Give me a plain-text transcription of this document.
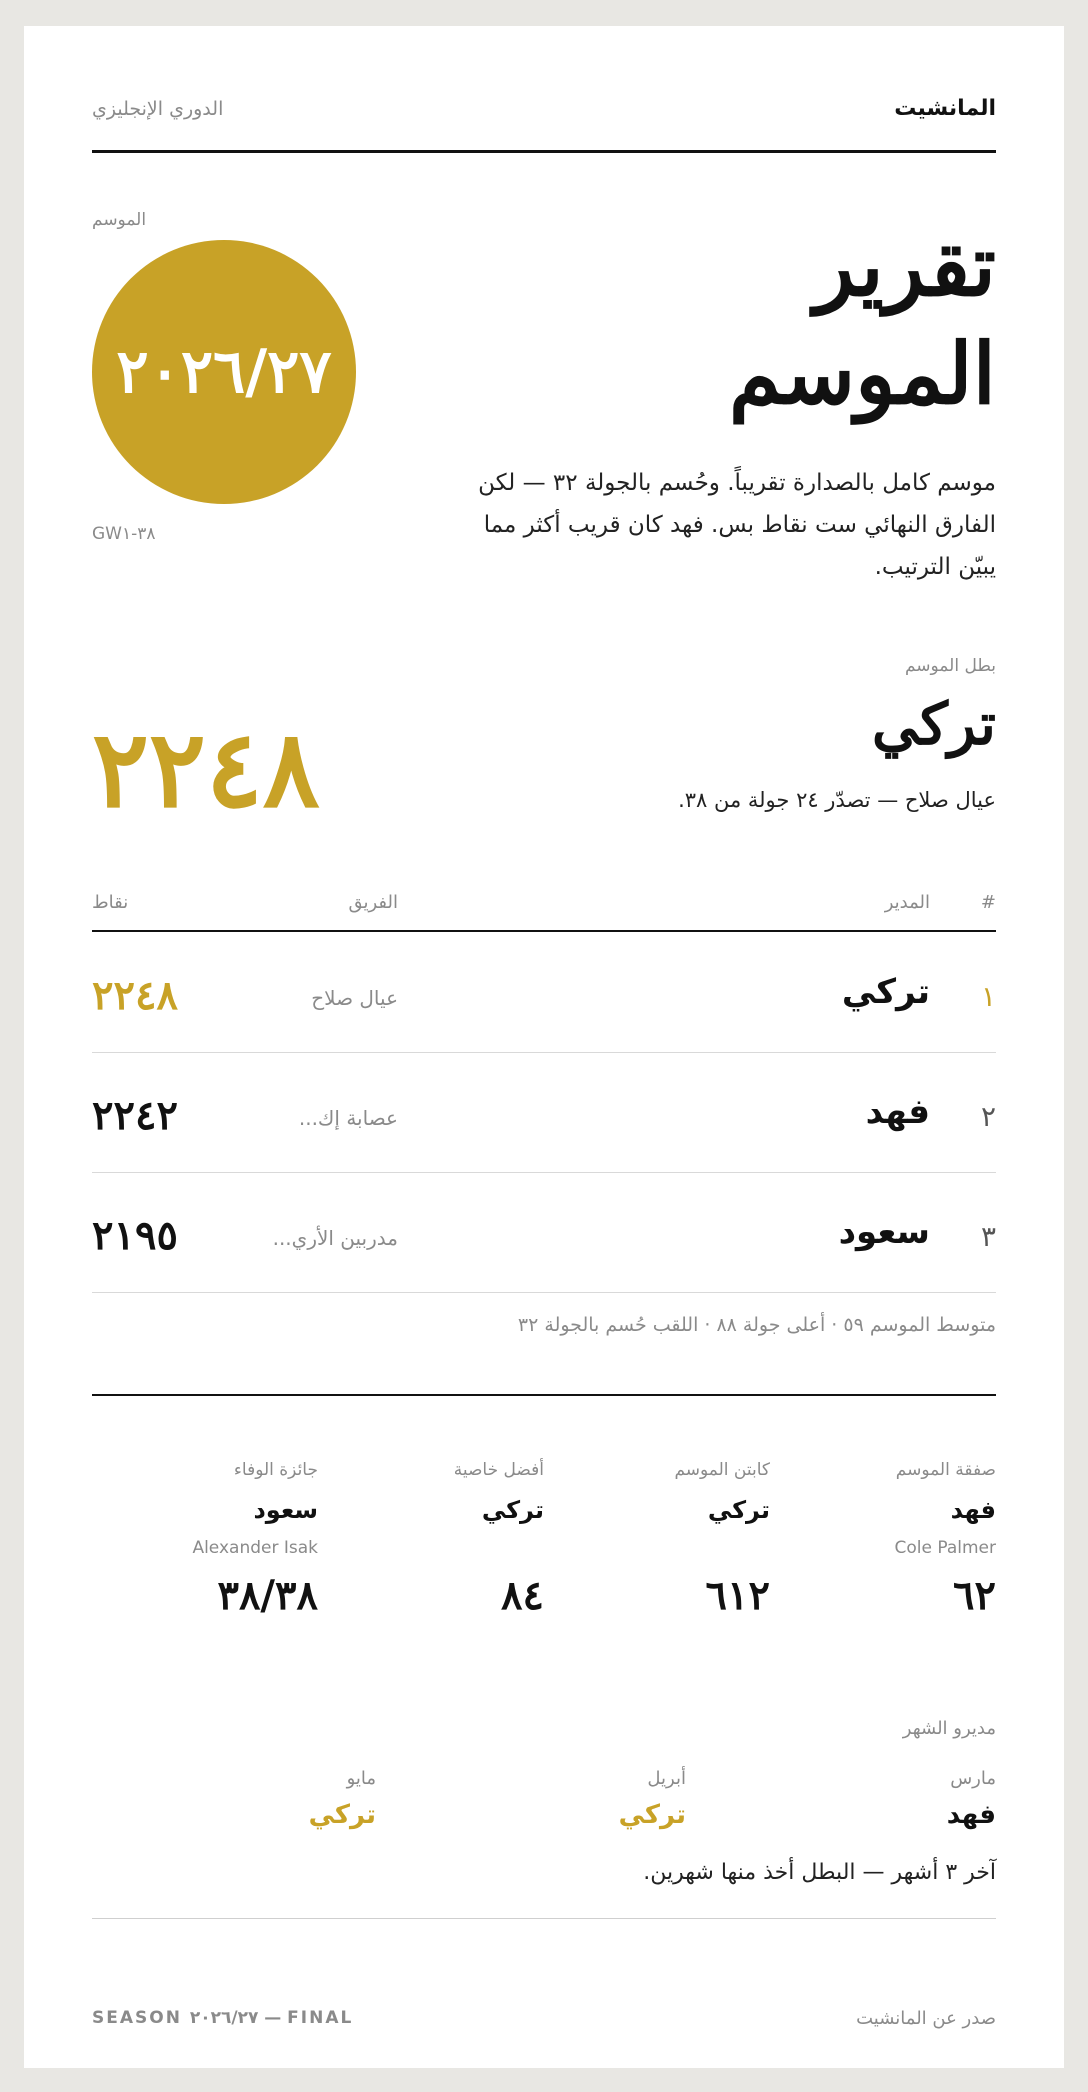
المانشيت
الدوري الإنجليزي
تقرير
الموسم
موسم كامل بالصدارة تقريباً. وحُسم بالجولة ٣٢ — لكن الفارق النهائي ست نقاط بس. فهد كان قريب أكثر مما يبيّن الترتيب.
الموسم
٢٠٢٦/٢٧
GW٣٨-١
بطل الموسم
تركي
عيال صلاح — تصدّر ٢٤ جولة من ٣٨.
٢٢٤٨
#
المدير
الفريق
نقاط
١
تركي
عيال صلاح
٢٢٤٨
٢
فهد
عصابة إك...
٢٢٤٢
٣
سعود
مدربين الأري...
٢١٩٥
متوسط الموسم ٥٩ · أعلى جولة ٨٨ · اللقب حُسم بالجولة ٣٢
صفقة الموسم
فهد
Cole Palmer
٦٢
كابتن الموسم
تركي
٦١٢
أفضل خاصية
تركي
٨٤
جائزة الوفاء
سعود
Alexander Isak
٣٨/٣٨
مديرو الشهر
مارس
فهد
أبريل
تركي
مايو
تركي
آخر ٣ أشهر — البطل أخذ منها شهرين.
SEASON ٢٠٢٦/٢٧ — FINAL	صدر عن المانشيت
